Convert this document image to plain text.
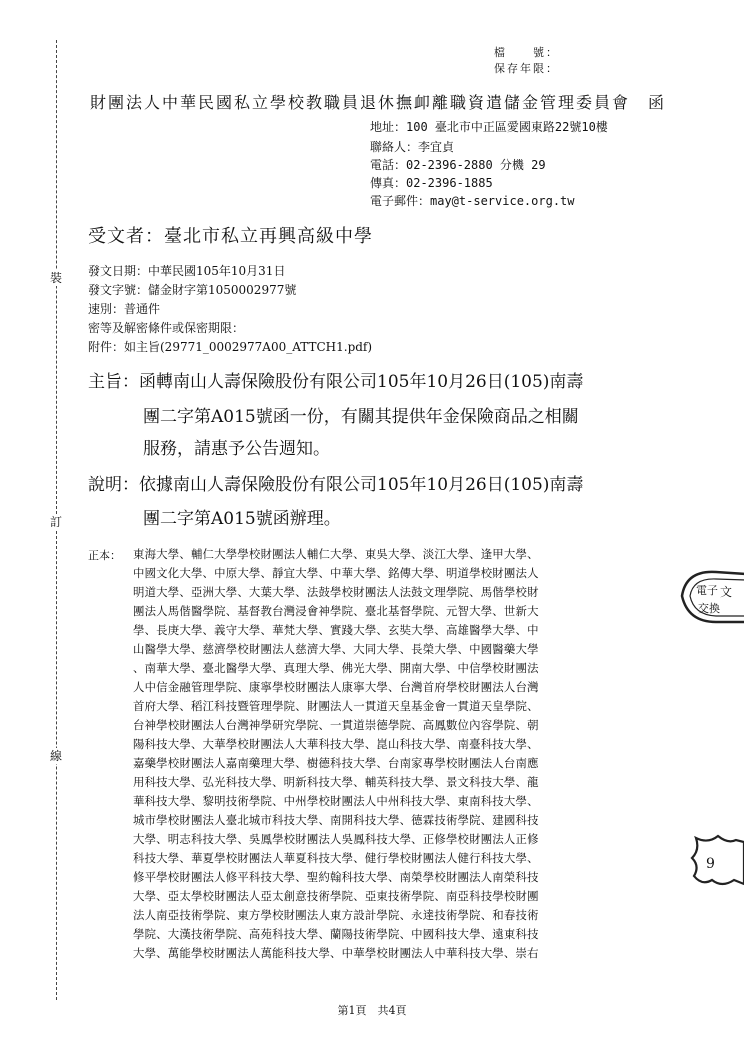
裝
訂
線
檔　　號：
保存年限：
財團法人中華民國私立學校教職員退休撫卹離職資遣儲金管理委員會　函
地址：100 臺北市中正區愛國東路22號10樓
聯絡人：李宜貞
電話：02-2396-2880 分機 29
傳真：02-2396-1885
電子郵件：may@t-service.org.tw
受文者：臺北市私立再興高級中學
發文日期：中華民國105年10月31日
發文字號：儲金財字第1050002977號
速別：普通件
密等及解密條件或保密期限：
附件：如主旨(29771_0002977A00_ATTCH1.pdf)
主旨：函轉南山人壽保險股份有限公司105年10月26日(105)南壽
團二字第A015號函一份，有關其提供年金保險商品之相關
服務，請惠予公告週知。
說明：依據南山人壽保險股份有限公司105年10月26日(105)南壽
團二字第A015號函辦理。
正本： 東海大學、輔仁大學學校財團法人輔仁大學、東吳大學、淡江大學、逢甲大學、
中國文化大學、中原大學、靜宜大學、中華大學、銘傳大學、明道學校財團法人
明道大學、亞洲大學、大葉大學、法鼓學校財團法人法鼓文理學院、馬偕學校財
團法人馬偕醫學院、基督教台灣浸會神學院、臺北基督學院、元智大學、世新大
學、長庚大學、義守大學、華梵大學、實踐大學、玄奘大學、高雄醫學大學、中
山醫學大學、慈濟學校財團法人慈濟大學、大同大學、長榮大學、中國醫藥大學
、南華大學、臺北醫學大學、真理大學、佛光大學、開南大學、中信學校財團法
人中信金融管理學院、康寧學校財團法人康寧大學、台灣首府學校財團法人台灣
首府大學、稻江科技暨管理學院、財團法人一貫道天皇基金會一貫道天皇學院、
台神學校財團法人台灣神學研究學院、一貫道崇德學院、高鳳數位內容學院、朝
陽科技大學、大華學校財團法人大華科技大學、崑山科技大學、南臺科技大學、
嘉藥學校財團法人嘉南藥理大學、樹德科技大學、台南家專學校財團法人台南應
用科技大學、弘光科技大學、明新科技大學、輔英科技大學、景文科技大學、龍
華科技大學、黎明技術學院、中州學校財團法人中州科技大學、東南科技大學、
城市學校財團法人臺北城市科技大學、南開科技大學、德霖技術學院、建國科技
大學、明志科技大學、吳鳳學校財團法人吳鳳科技大學、正修學校財團法人正修
科技大學、華夏學校財團法人華夏科技大學、健行學校財團法人健行科技大學、
修平學校財團法人修平科技大學、聖約翰科技大學、南榮學校財團法人南榮科技
大學、亞太學校財團法人亞太創意技術學院、亞東技術學院、南亞科技學校財團
法人南亞技術學院、東方學校財團法人東方設計學院、永達技術學院、和春技術
學院、大漢技術學院、高苑科技大學、蘭陽技術學院、中國科技大學、遠東科技
大學、萬能學校財團法人萬能科技大學、中華學校財團法人中華科技大學、崇右
電子 文
交換
9
第1頁　共4頁
